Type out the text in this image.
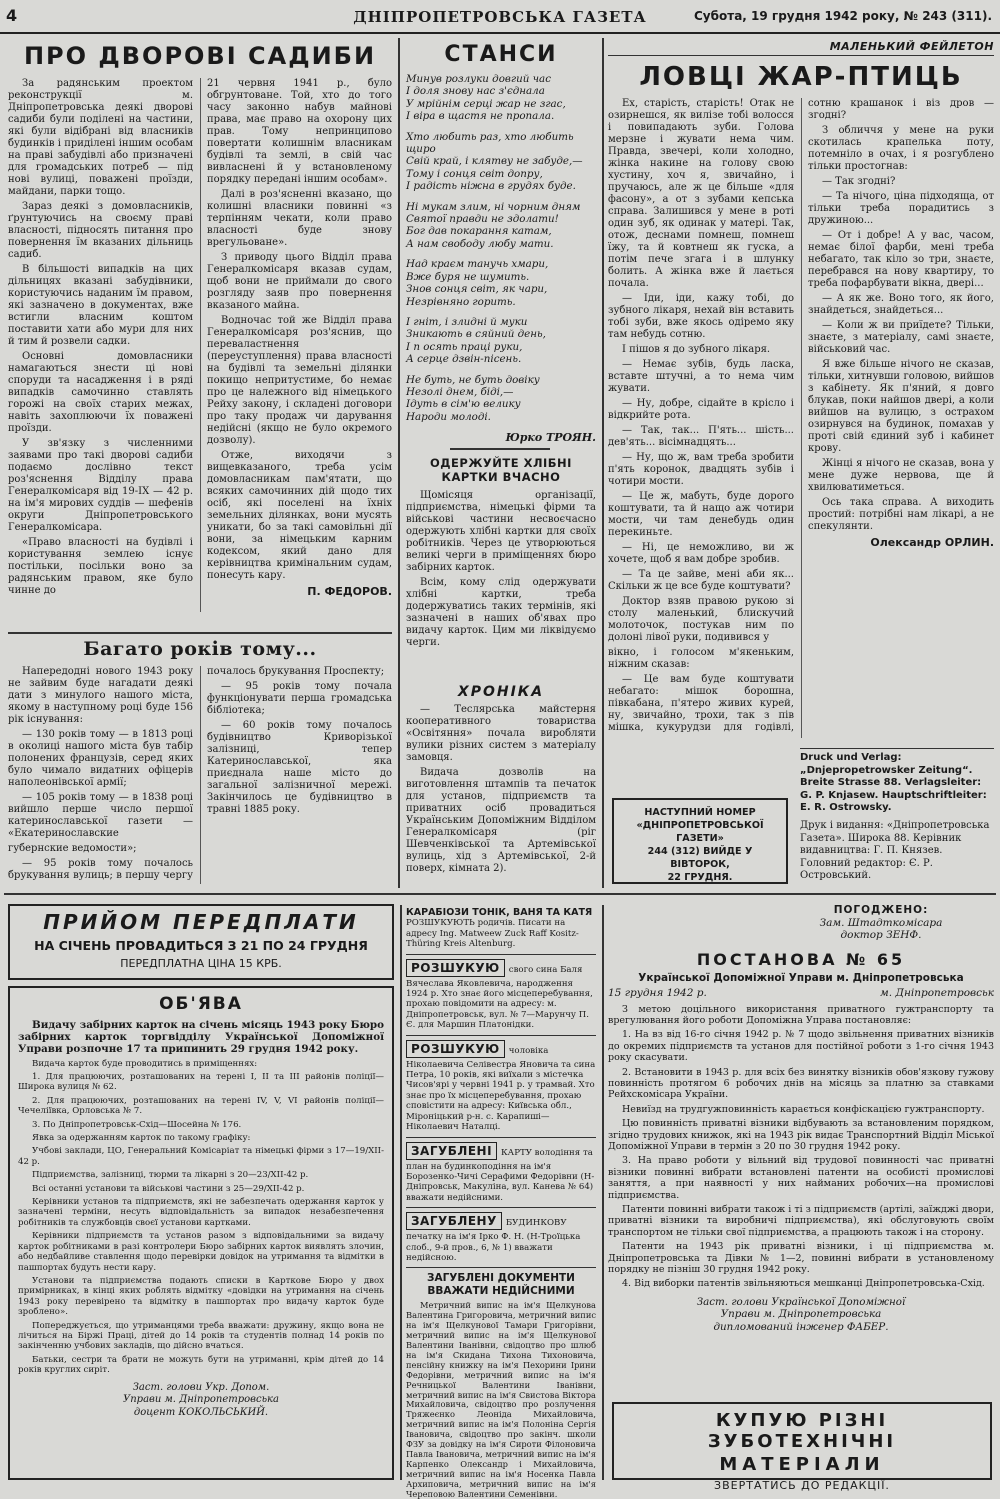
4	ДНІПРОПЕТРОВСЬКА ГАЗЕТА	Субота, 19 грудня 1942 року, № 243 (311).
ПРО ДВОРОВІ САДИБИ

За радянським проектом реконструкції м. Дніпропетровська деякі дворові садиби були поділені на частини, які були відібрані від власників будинків і приділені іншим особам на праві забудівлі або призначені для громадських потреб — під нові вулиці, поважені проїзди, майдани, парки тощо.

Зараз деякі з домовласників, ґрунтуючись на своєму праві власності, підносять питання про повернення їм вказаних дільниць садиб.

В більшості випадків на цих дільницях вказані забудівники, користуючись наданим їм правом, які зазначено в документах, вже встигли власним коштом поставити хати або мури для них й тим й розвели садки.

Основні домовласники намагаються знести ці нові споруди та насадження і в ряді випадків самочинно ставлять горожі на своїх старих межах, навіть захоплюючи їх поважені проїзди.

У зв'язку з численними заявами про такі дворові садиби подаємо дослівно текст роз'яснення Відділу права Генералкомісаря від 19-IX — 42 р. на ім'я мирових суддів — шефенів округи Дніпропетровського Генералкомісара.

«Право власності на будівлі і користування землею існує постільки, посільки воно за радянським правом, яке було чинне до

21 червня 1941 р., було обгрунтоване. Той, хто до того часу законно набув майнові права, має право на охорону цих прав. Тому непринципово повертати колишнім власникам будівлі та землі, в свій час вивласнені й у встановленому порядку передані іншим особам».

Далі в роз'ясненні вказано, що колишні власники повинні «з терпінням чекати, коли право власності буде знову врегульоване».

З приводу цього Відділ права Генералкомісаря вказав судам, щоб вони не приймали до свого розгляду заяв про повернення вказаного майна.

Водночас той же Відділ права Генералкомісаря роз'яснив, що переваластнення (переуступлення) права власності на будівлі та земельні ділянки покищо непритустиме, бо немає про це належного від німецького Рейху закону, і складені договори про таку продаж чи дарування недійсні (якщо не було окремого дозволу).

Отже, виходячи з вищевказаного, треба усім домовласникам пам'ятати, що всяких самочинних дій щодо тих осіб, які поселені на їхніх земельних ділянках, вони мусять уникати, бо за такі самовільні дії вони, за німецьким карним кодексом, який дано для керівництва кримінальним судам, понесуть кару.

П. ФЕДОРОВ.
Багато років тому...

Напередодні нового 1943 року не зайвим буде нагадати деякі дати з минулого нашого міста, якому в наступному році буде 156 рік існування:

— 130 років тому — в 1813 році в околиці нашого міста був табір полонених французів, серед яких було чимало видатних офіцерів наполеонівської армії;

— 105 років тому — в 1838 році вийшло перше число першої катеринославської газети — «Екатеринославские

губернские ведомости»;

— 95 років тому почалось брукування вулиць; в першу чергу почалось брукування Проспекту;

— 95 років тому почала функціонувати перша громадська бібліотека;

— 60 років тому почалось будівництво Криворізької залізниці, тепер Катеринославської, яка приєднала наше місто до загальної залізничної мережі. Закінчилось це будівництво в травні 1885 року.

СТАНСИ
Минув розлуки довгий час
І доля знову нас з'єднала
У мрійнім серці жар не згас,
І віра в щастя не пропала.
Хто любить раз, хто любить щиро
Свій край, і клятву не забуде,—
Тому і сонця світ допру,
І радість ніжна в грудях буде.
Ні мукам злим, ні чорним дням
Святої правди не здолати!
Бог дав покарання катам,
А нам свободу любу мати.
Над краєм танучь хмари,
Вже буря не шумить.
Знов сонця світ, як чари,
Незрівняно горить.
І гніт, і злидні й муки
Зникають в сяйний день,
І п осять праці руки,
А серце дзвін-пісень.
Не буть, не буть довіку
Незолі днем, біді,—
Ідуть в сім'ю велику
Народи молоді.
Юрко ТРОЯН.
ОДЕРЖУЙТЕ ХЛІБНІ КАРТКИ ВЧАСНО

Щомісяця організації, підприємства, німецькі фірми та військові частини несвоєчасно одержують хлібні картки для своїх робітників. Через це утворюються великі черги в приміщеннях бюро забірних карток.

Всім, кому слід одержувати хлібні картки, треба додержуватись таких термінів, які зазначені в наших об'явах про видачу карток. Цим ми ліквідуємо черги.

ХРОНІКА

— Теслярська майстерня кооперативного товариства «Освітяння» почала виробляти вулики різних систем з матеріалу замовця.

Видача дозволів на виготовлення штампів та печаток для установ, підприємств та приватних осіб провадиться Українським Допоміжним Відділом Генералкомісаря (ріг Шевченківської та Артемівської вулиць, хід з Артемівської, 2-й поверх, кімната 2).

МАЛЕНЬКИЙ ФЕЙЛЕТОН
ЛОВЦІ ЖАР-ПТИЦЬ

Ех, старість, старість! Отак не озирнешся, як вилізе тобі волосся і повипадають зуби. Голова мерзне і жувати нема чим. Правда, звечері, коли холодно, жінка накине на голову свою хустину, хоч я, звичайно, і пручаюсь, але ж це більше «для фасону», а от з зубами кепська справа. Залишився у мене в роті один зуб, як одинак у матері. Так, отож, деснами помнеш, помнеш їжу, та й ковтнеш як гуска, а потім пече згага і в шлунку болить. А жінка вже й лається почала.

— Іди, іди, кажу тобі, до зубного лікаря, нехай він вставить тобі зуби, вже якось одіремо яку там небудь сотню.

І пішов я до зубного лікаря.

— Немає зубів, будь ласка, вставте штучні, а то нема чим жувати.

— Ну, добре, сідайте в крісло і відкрийте рота.

— Так, так... П'ять... шість... дев'ять... вісімнадцять...

— Ну, що ж, вам треба зробити п'ять коронок, двадцять зубів і чотири мости.

— Це ж, мабуть, буде дорого коштувати, та й нащо аж чотири мости, чи там денебудь один перекиньте.

— Ні, це неможливо, ви ж хочете, щоб я вам добре зробив.

— Та це зайве, мені аби як... Скільки ж це все буде коштувати?

Доктор взяв правою рукою зі столу маленький, блискучий молоточок, постукав ним по долоні лівої руки, подивився у

вікно, і голосом м'якеньким, ніжним сказав:

— Це вам буде коштувати небагато: мішок борошна, півкабана, п'ятеро живих курей, ну, звичайно, трохи, так з пів мішка, кукурудзи для годівлі, сотню крашанок і віз дров — згодні?

З обличчя у мене на руки скотилась крапелька поту, потемніло в очах, і я розгублено тільки простогнав:

— Так згодні?

— Та нічого, ціна підходяща, от тільки треба порадитись з дружиною...

— От і добре! А у вас, часом, немає білої фарби, мені треба небагато, так кіло зо три, знаєте, перебрався на нову квартиру, то треба пофарбувати вікна, двері...

— А як же. Воно того, як його, знайдеться, знайдеться...

— Коли ж ви приїдете? Тільки, знаєте, з матеріалу, самі знаєте, військовий час.

Я вже більше нічого не сказав, тільки, хитнувши головою, вийшов з кабінету. Як п'яний, я довго блукав, поки найшов двері, а коли вийшов на вулицю, з острахом озирнувся на будинок, помахав у проті свій єдиний зуб і кабинет крову.

Жінці я нічого не сказав, вона у мене дуже нервова, ще й хвилюватиметься.

Ось така справа. А виходить простий: потрібні нам лікарі, а не спекулянти.

Олександр ОРЛИН.
НАСТУПНИЙ НОМЕР
«ДНІПРОПЕТРОВСЬКОЇ ГАЗЕТИ»
244 (312) ВИЙДЕ У ВІВТОРОК,
22 ГРУДНЯ.
Druck und Verlag: „Dnjepropetrowsker Zeitung“. Breite Strasse 88. Verlagsleiter: G. P. Knjasew. Hauptschriftleiter: E. R. Ostrowsky.
Друк і видання: «Дніпропетровська Газета». Широка 88. Керівник видавництва: Г. П. Князев. Головний редактор: Є. Р. Островський.
ПРИЙОМ ПЕРЕДПЛАТИ
НА СІЧЕНЬ ПРОВАДИТЬСЯ З 21 ПО 24 ГРУДНЯ
ПЕРЕДПЛАТНА ЦІНА 15 КРБ.
ОБ'ЯВА

Видачу забірних карток на січень місяць 1943 року Бюро забірних карток торгвідділу Української Допоміжної Управи розпочне 17 та припинить 29 грудня 1942 року.

Видача карток буде проводитись в приміщеннях:

1. Для працюючих, розташованих на терені І, ІІ та ІІІ районів поліції—Широка вулиця № 62.

2. Для працюючих, розташованих на терені IV, V, VI районів поліції—Чечеліївка, Орловська № 7.

3. По Дніпропетровськ-Схід—Шосейна № 176.

Явка за одержанням карток по такому графіку:

Учбові заклади, ЦО, Генеральний Комісаріат та німецькі фірми з 17—19/XII-42 р.

Підприємства, залізниці, тюрми та лікарні з 20—23/XII-42 р.

Всі останні установи та військові частини з 25—29/XII-42 р.

Керівники установ та підприємств, які не забезпечать одержання карток у зазначені терміни, несуть відповідальність за випадок незабезпечення робітників та службовців своєї установи картками.

Керівники підприємств та установ разом з відповідальними за видачу карток робітниками в разі контролери Бюро забірних карток виявлять злочин, або недбайливе ставлення щодо перевірки довідок на утримання та відмітки в пашпортах будуть нести кару.

Установи та підприємства подають списки в Карткове Бюро у двох примірниках, в кінці яких роблять відмітку «довідки на утримання на січень 1943 року перевірено та відмітку в пашпортах про видачу карток буде зроблено».

Попереджується, що утриманцями треба вважати: дружину, якщо вона не лічиться на Біржі Праці, дітей до 14 років та студентів полнад 14 років по закінченню учбових закладів, що дійсно вчаться.

Батьки, сестри та брати не можуть бути на утриманні, крім дітей до 14 років круглих сиріт.

Заст. голови Укр. Допом.
Управи м. Дніпропетровська
доцент КОКОЛЬСЬКИЙ.
КАРАБІОЗИ ТОНІК, ВАНЯ ТА КАТЯ
РОЗШУКУЮТЬ родичів. Писати на адресу Ing. Matweew Zuck Raff Kositz-Thüring Kreis Altenburg.
РОЗШУКУЮ свого сина Баля Вячеслава Яковлевича, народження 1924 р. Хто знає його місцеперебування, прохаю повідомити на адресу: м. Дніпропетровськ, вул. № 7—Марунчу П. Є. для Маршин Платонідки.
РОЗШУКУЮ чоловіка Ніколаевича Селівестра Яновича та сина Петра, 10 років, які виїхали з містечка Чисов'ярі у червні 1941 р. у трамвай. Хто знає про їх місцеперебування, прохаю сповістити на адресу: Київська обл., Міроніцький р-н. с. Карапиші—Ніколаевич Наталці.
ЗАГУБЛЕНІ КАРТУ володіння та план на будинкоподіння на ім'я Борозенко-Чичі Серафими Федорівни (Н-Дніпровськ, Макуліна, вул. Канева № 64) вважати недійсними.
ЗАГУБЛЕНУ БУДИНКОВУ печатку на ім'я Ірко Ф. Н. (Н-Троїцька слоб., 9-й пров., 6, № 1) вважати недійсною.
ЗАГУБЛЕНІ ДОКУМЕНТИ ВВАЖАТИ НЕДІЙСНИМИ

Метричний випис на ім'я Щелкунова Валентина Григоровича, метричний випис на ім'я Щелкунової Тамари Григорівни, метричний випис на ім'я Щелкунової Валентини Іванівни, свідоцтво про шлюб на ім'я Скидана Тихона Тихоновича, пенсійну книжку на ім'я Пехорини Ірини Федорівни, метричний випис на ім'я Речницької Валентини Іванівни, метричний випис на ім'я Свистова Віктора Михайловича, свідоцтво про розлучення Тряжеєнко Леоніда Михайловича, метричний випис на ім'я Полоніна Сергія Івановича, свідоцтво про закінч. школи ФЗУ за довідку на ім'я Сироти Філоновича Павла Івановича, метричний випис на ім'я Карпенко Олександр і Михайловича, метричний випис на ім'я Носенка Павла Архиповича, метричний випис на ім'я Череповою Валентини Семенівни.

ПОГОДЖЕНО:
Зам. Штадткомісара
доктор ЗЕНФ.
ПОСТАНОВА № 65
Української Допоміжної Управи м. Дніпропетровська
15 грудня 1942 р.	м. Дніпропетровськ

З метою доцільного використання приватного гужтранспорту та врегулювання його роботи Допоміжна Управа постановляє:

1. На вз від 16-го січня 1942 р. № 7 щодо звільнення приватних візників до окремих підприємств та установ для постійної роботи з 1-го січня 1943 року скасувати.

2. Встановити в 1943 р. для всіх без винятку візників обов'язкову гужову повинність протягом 6 робочих днів на місяць за платню за ставками Рейхскомісара України.

Невиїзд на трудгужповинність карається конфіскацією гужтранспорту.

Цю повинність приватні візники відбувають за встановленим порядком, згідно трудових книжок, які на 1943 рік видає Транспортний Відділ Міської Допоміжної Управи в термін з 20 по 30 грудня 1942 року.

3. На право роботи у вільний від трудової повинності час приватні візники повинні вибрати встановлені патенти на особисті промислові заняття, а при наявності у них найманих робочих—на промислові підприємства.

Патенти повинні вибрати також і ті з підприємств (артілі, заїжджі двори, приватні візники та виробничі підприємства), які обслуговують своїм транспортом не тільки свої підприємства, а працюють також і на сторону.

Патенти на 1943 рік приватні візники, і ці підприємства м. Дніпропетровська та Дівки № 1—2, повинні вибрати в установленому порядку не пізніш 30 грудня 1942 року.

4. Від виборки патентів звільняються мешканці Дніпропетровська-Схід.

Заст. голови Української Допоміжної
Управи м. Дніпропетровська
дипломований інженер ФАБЕР.
КУПУЮ РІЗНІ ЗУБОТЕХНІЧНІ
МАТЕРІАЛИ
ЗВЕРТАТИСЬ ДО РЕДАКЦІЇ.
